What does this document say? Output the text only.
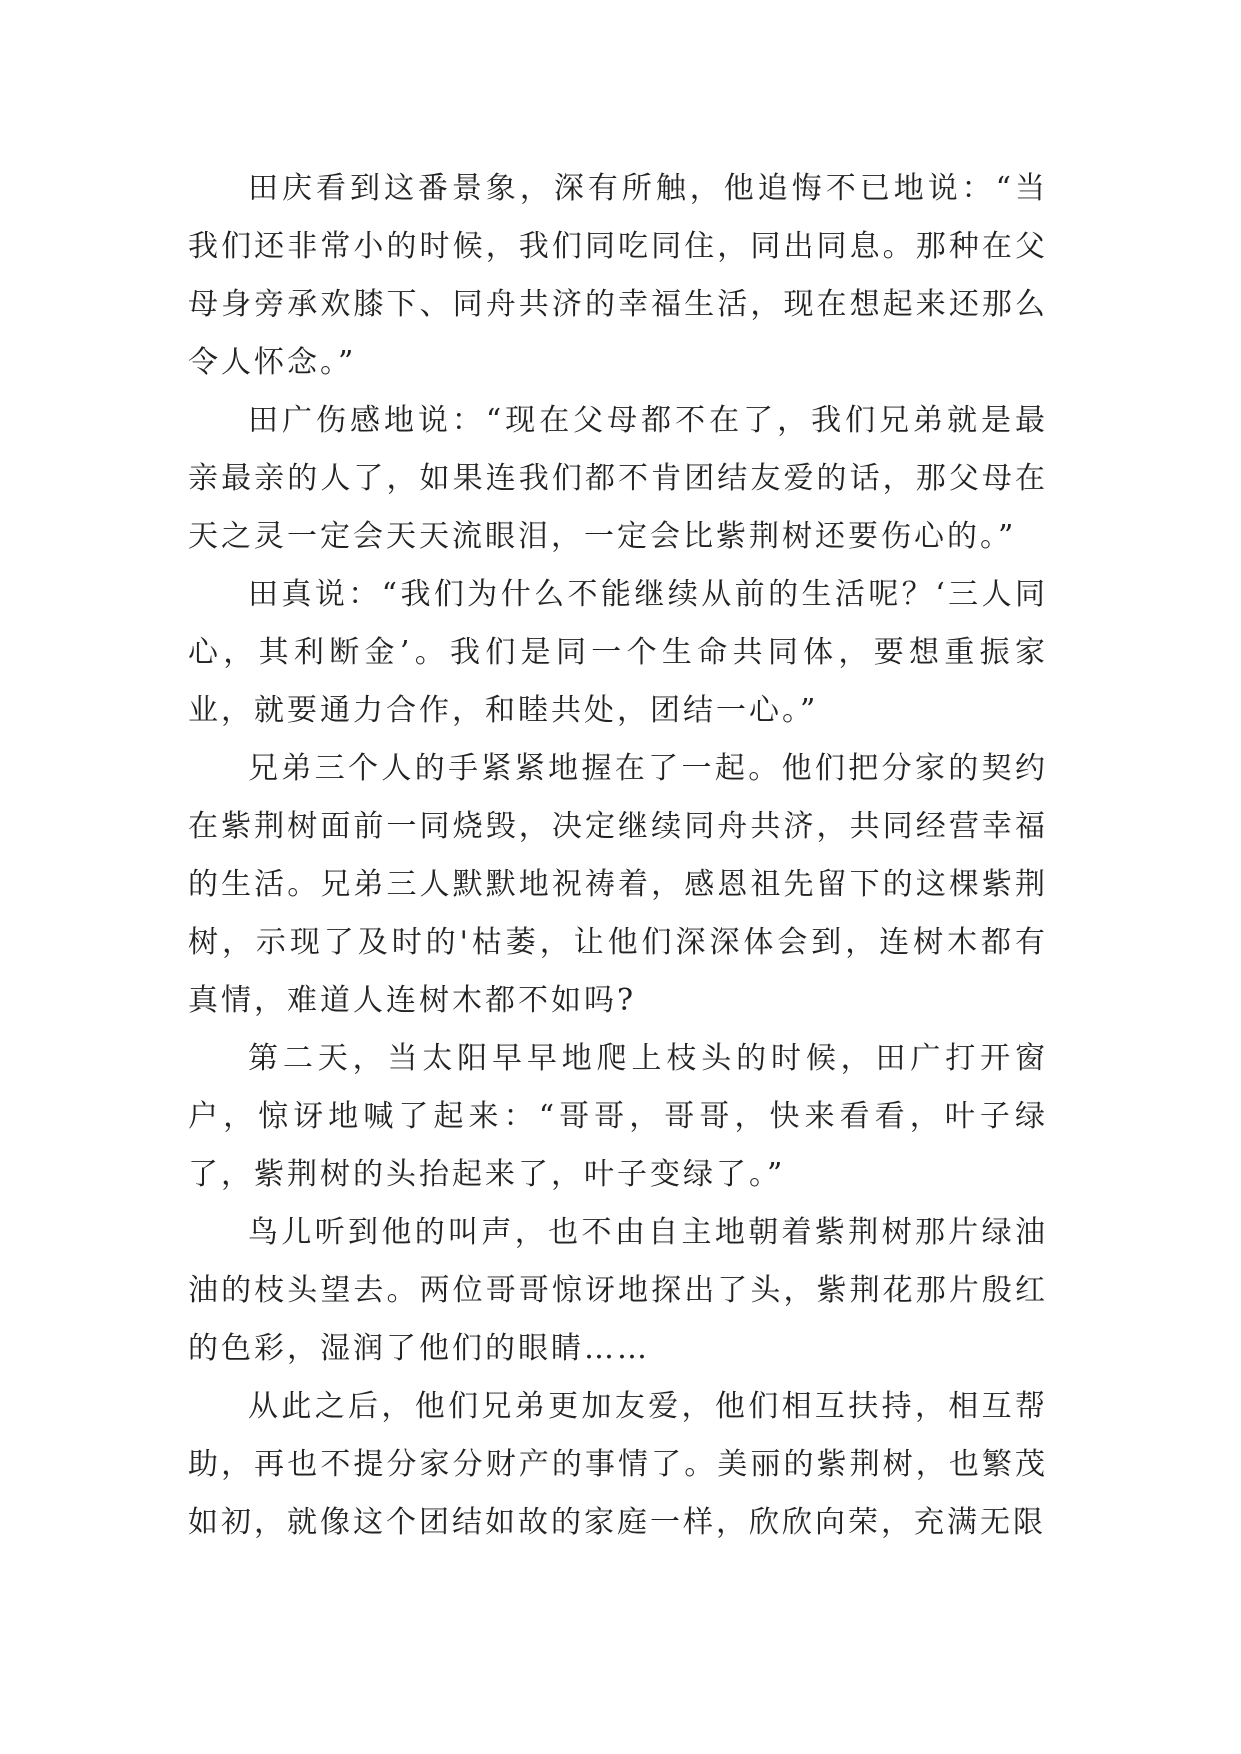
田庆看到这番景象，深有所触，他追悔不已地说：“当我们还非常小的时候，我们同吃同住，同出同息。那种在父母身旁承欢膝下、同舟共济的幸福生活，现在想起来还那么令人怀念。”

田广伤感地说：“现在父母都不在了，我们兄弟就是最亲最亲的人了，如果连我们都不肯团结友爱的话，那父母在天之灵一定会天天流眼泪，一定会比紫荆树还要伤心的。”

田真说：“我们为什么不能继续从前的生活呢？‘三人同心，其利断金’。我们是同一个生命共同体，要想重振家业，就要通力合作，和睦共处，团结一心。”

兄弟三个人的手紧紧地握在了一起。他们把分家的契约在紫荆树面前一同烧毁，决定继续同舟共济，共同经营幸福的生活。兄弟三人默默地祝祷着，感恩祖先留下的这棵紫荆树，示现了及时的'枯萎，让他们深深体会到，连树木都有真情，难道人连树木都不如吗?

第二天，当太阳早早地爬上枝头的时候，田广打开窗户，惊讶地喊了起来：“哥哥，哥哥，快来看看，叶子绿了，紫荆树的头抬起来了，叶子变绿了。”

鸟儿听到他的叫声，也不由自主地朝着紫荆树那片绿油油的枝头望去。两位哥哥惊讶地探出了头，紫荆花那片殷红的色彩，湿润了他们的眼睛……

从此之后，他们兄弟更加友爱，他们相互扶持，相互帮助，再也不提分家分财产的事情了。美丽的紫荆树，也繁茂如初，就像这个团结如故的家庭一样，欣欣向荣，充满无限
